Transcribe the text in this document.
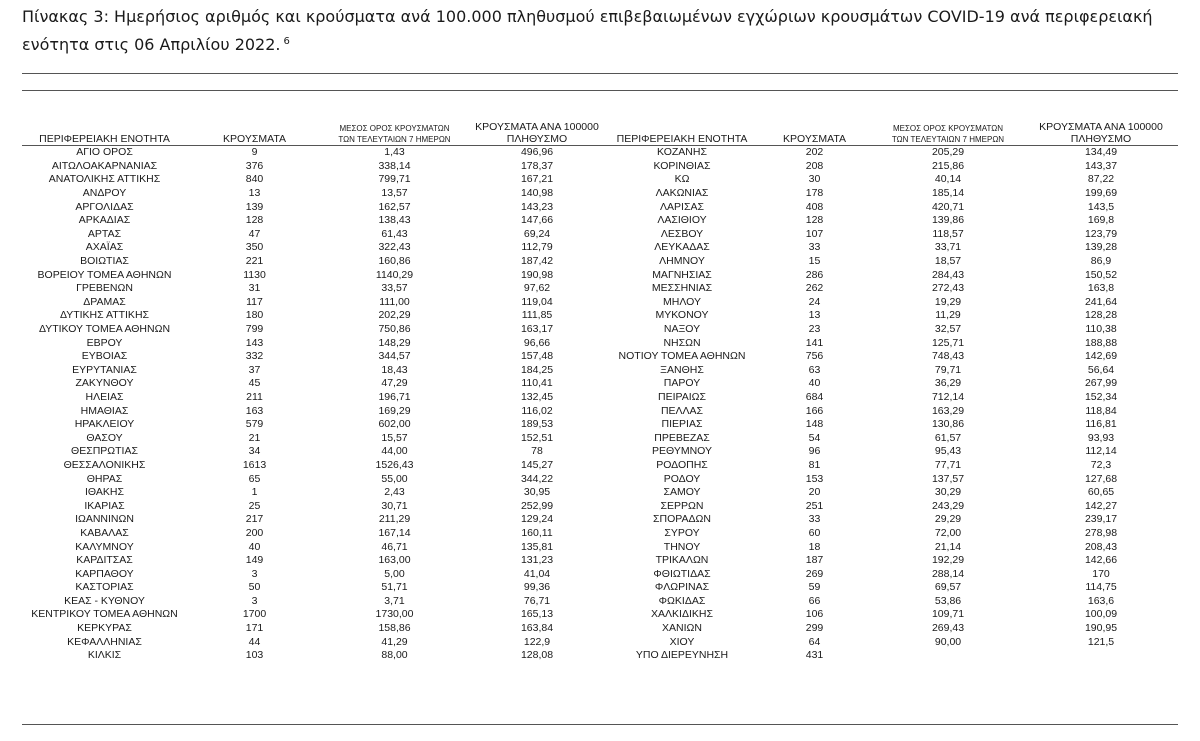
Πίνακας 3: Ημερήσιος αριθμός και κρούσματα ανά 100.000 πληθυσμού επιβεβαιωμένων εγχώριων κρουσμάτων COVID-19 ανά περιφερειακή ενότητα στις 06 Απριλίου 2022. $^6$
ΠΕΡΙΦΕΡΕΙΑΚΗ ΕΝΟΤΗΤΑ	ΚΡΟΥΣΜΑΤΑ	ΜΕΣΟΣ ΟΡΟΣ ΚΡΟΥΣΜΑΤΩΝ
ΤΩΝ ΤΕΛΕΥΤΑΙΩΝ 7 ΗΜΕΡΩΝ	ΚΡΟΥΣΜΑΤΑ ΑΝΑ 100000
ΠΛΗΘΥΣΜΟ	ΠΕΡΙΦΕΡΕΙΑΚΗ ΕΝΟΤΗΤΑ	ΚΡΟΥΣΜΑΤΑ	ΜΕΣΟΣ ΟΡΟΣ ΚΡΟΥΣΜΑΤΩΝ
ΤΩΝ ΤΕΛΕΥΤΑΙΩΝ 7 ΗΜΕΡΩΝ	ΚΡΟΥΣΜΑΤΑ ΑΝΑ 100000
ΠΛΗΘΥΣΜΟ
ΑΓΙΟ ΟΡΟΣ	9	1,43	496,96	ΚΟΖΑΝΗΣ	202	205,29	134,49
ΑΙΤΩΛΟΑΚΑΡΝΑΝΙΑΣ	376	338,14	178,37	ΚΟΡΙΝΘΙΑΣ	208	215,86	143,37
ΑΝΑΤΟΛΙΚΗΣ ΑΤΤΙΚΗΣ	840	799,71	167,21	ΚΩ	30	40,14	87,22
ΑΝΔΡΟΥ	13	13,57	140,98	ΛΑΚΩΝΙΑΣ	178	185,14	199,69
ΑΡΓΟΛΙΔΑΣ	139	162,57	143,23	ΛΑΡΙΣΑΣ	408	420,71	143,5
ΑΡΚΑΔΙΑΣ	128	138,43	147,66	ΛΑΣΙΘΙΟΥ	128	139,86	169,8
ΑΡΤΑΣ	47	61,43	69,24	ΛΕΣΒΟΥ	107	118,57	123,79
ΑΧΑΪΑΣ	350	322,43	112,79	ΛΕΥΚΑΔΑΣ	33	33,71	139,28
ΒΟΙΩΤΙΑΣ	221	160,86	187,42	ΛΗΜΝΟΥ	15	18,57	86,9
ΒΟΡΕΙΟΥ ΤΟΜΕΑ ΑΘΗΝΩΝ	1130	1140,29	190,98	ΜΑΓΝΗΣΙΑΣ	286	284,43	150,52
ΓΡΕΒΕΝΩΝ	31	33,57	97,62	ΜΕΣΣΗΝΙΑΣ	262	272,43	163,8
ΔΡΑΜΑΣ	117	111,00	119,04	ΜΗΛΟΥ	24	19,29	241,64
ΔΥΤΙΚΗΣ ΑΤΤΙΚΗΣ	180	202,29	111,85	ΜΥΚΟΝΟΥ	13	11,29	128,28
ΔΥΤΙΚΟΥ ΤΟΜΕΑ ΑΘΗΝΩΝ	799	750,86	163,17	ΝΑΞΟΥ	23	32,57	110,38
ΕΒΡΟΥ	143	148,29	96,66	ΝΗΣΩΝ	141	125,71	188,88
ΕΥΒΟΙΑΣ	332	344,57	157,48	ΝΟΤΙΟΥ ΤΟΜΕΑ ΑΘΗΝΩΝ	756	748,43	142,69
ΕΥΡΥΤΑΝΙΑΣ	37	18,43	184,25	ΞΑΝΘΗΣ	63	79,71	56,64
ΖΑΚΥΝΘΟΥ	45	47,29	110,41	ΠΑΡΟΥ	40	36,29	267,99
ΗΛΕΙΑΣ	211	196,71	132,45	ΠΕΙΡΑΙΩΣ	684	712,14	152,34
ΗΜΑΘΙΑΣ	163	169,29	116,02	ΠΕΛΛΑΣ	166	163,29	118,84
ΗΡΑΚΛΕΙΟΥ	579	602,00	189,53	ΠΙΕΡΙΑΣ	148	130,86	116,81
ΘΑΣΟΥ	21	15,57	152,51	ΠΡΕΒΕΖΑΣ	54	61,57	93,93
ΘΕΣΠΡΩΤΙΑΣ	34	44,00	78	ΡΕΘΥΜΝΟΥ	96	95,43	112,14
ΘΕΣΣΑΛΟΝΙΚΗΣ	1613	1526,43	145,27	ΡΟΔΟΠΗΣ	81	77,71	72,3
ΘΗΡΑΣ	65	55,00	344,22	ΡΟΔΟΥ	153	137,57	127,68
ΙΘΑΚΗΣ	1	2,43	30,95	ΣΑΜΟΥ	20	30,29	60,65
ΙΚΑΡΙΑΣ	25	30,71	252,99	ΣΕΡΡΩΝ	251	243,29	142,27
ΙΩΑΝΝΙΝΩΝ	217	211,29	129,24	ΣΠΟΡΑΔΩΝ	33	29,29	239,17
ΚΑΒΑΛΑΣ	200	167,14	160,11	ΣΥΡΟΥ	60	72,00	278,98
ΚΑΛΥΜΝΟΥ	40	46,71	135,81	ΤΗΝΟΥ	18	21,14	208,43
ΚΑΡΔΙΤΣΑΣ	149	163,00	131,23	ΤΡΙΚΑΛΩΝ	187	192,29	142,66
ΚΑΡΠΑΘΟΥ	3	5,00	41,04	ΦΘΙΩΤΙΔΑΣ	269	288,14	170
ΚΑΣΤΟΡΙΑΣ	50	51,71	99,36	ΦΛΩΡΙΝΑΣ	59	69,57	114,75
ΚΕΑΣ - ΚΥΘΝΟΥ	3	3,71	76,71	ΦΩΚΙΔΑΣ	66	53,86	163,6
ΚΕΝΤΡΙΚΟΥ ΤΟΜΕΑ ΑΘΗΝΩΝ	1700	1730,00	165,13	ΧΑΛΚΙΔΙΚΗΣ	106	109,71	100,09
ΚΕΡΚΥΡΑΣ	171	158,86	163,84	ΧΑΝΙΩΝ	299	269,43	190,95
ΚΕΦΑΛΛΗΝΙΑΣ	44	41,29	122,9	ΧΙΟΥ	64	90,00	121,5
ΚΙΛΚΙΣ	103	88,00	128,08	ΥΠΟ ΔΙΕΡΕΥΝΗΣΗ	431		
